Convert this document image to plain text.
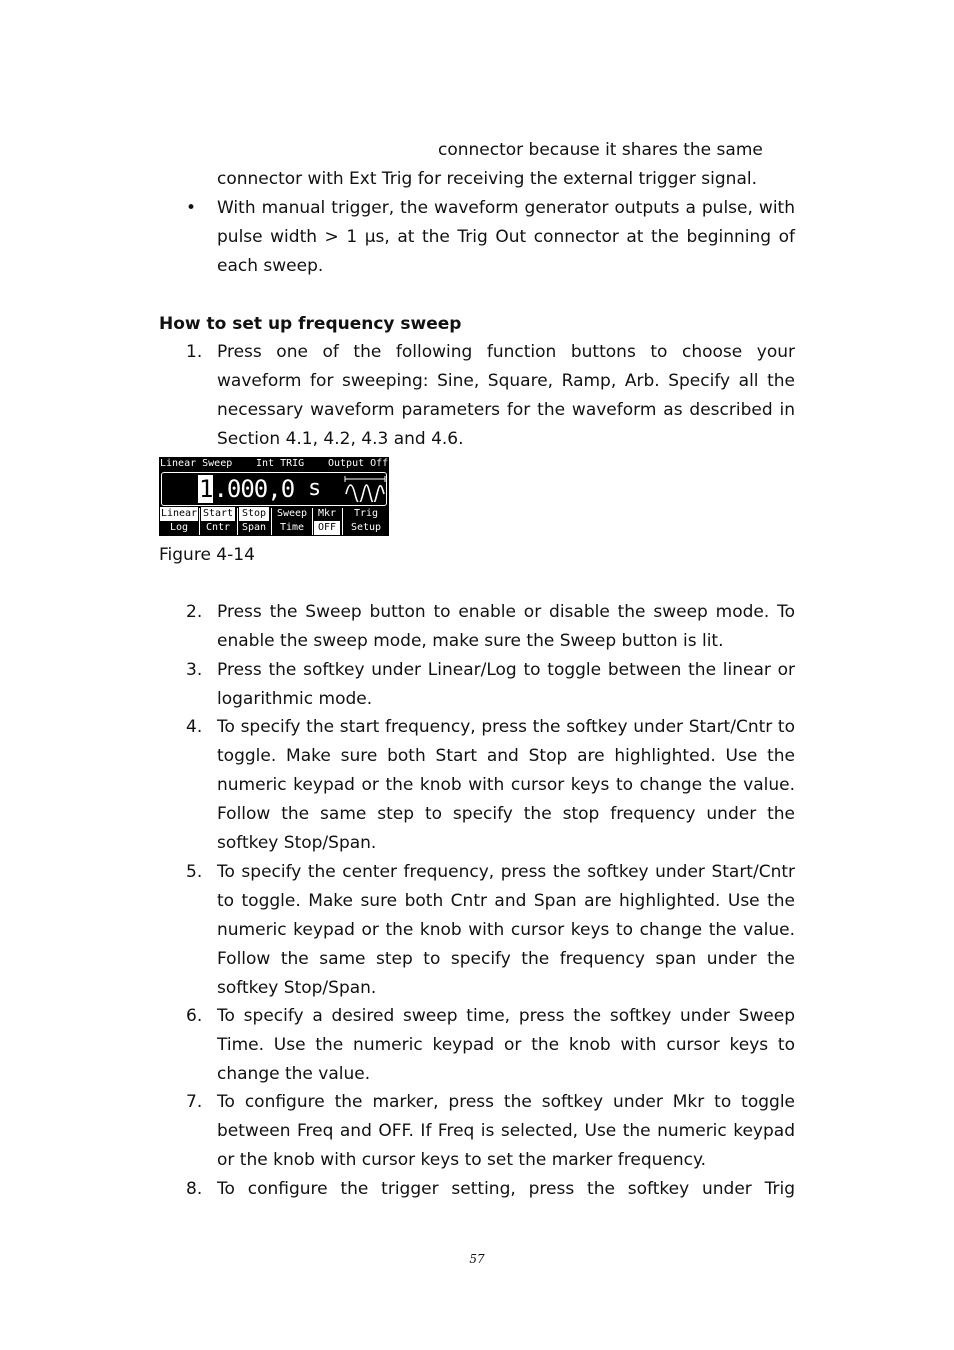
connector because it shares the same
connector with Ext Trig for receiving the external trigger signal.
• With manual trigger, the waveform generator outputs a pulse, with pulse width > 1 μs, at the Trig Out connector at the beginning of each sweep.
How to set up frequency sweep
1. Press one of the following function buttons to choose your waveform for sweeping: Sine, Square, Ramp, Arb. Specify all the necessary waveform parameters for the waveform as described in Section 4.1, 4.2, 4.3 and 4.6.
Linear Sweep Int TRIG Output Off
1.000,0 s
Linear
Log
Start
Cntr
Stop
Span
Sweep
Time
Mkr
OFF
Trig
Setup
Figure 4-14
2. Press the Sweep button to enable or disable the sweep mode. To enable the sweep mode, make sure the Sweep button is lit.
3. Press the softkey under Linear/Log to toggle between the linear or logarithmic mode.
4. To specify the start frequency, press the softkey under Start/Cntr to toggle. Make sure both Start and Stop are highlighted. Use the numeric keypad or the knob with cursor keys to change the value. Follow the same step to specify the stop frequency under the softkey Stop/Span.
5. To specify the center frequency, press the softkey under Start/Cntr to toggle. Make sure both Cntr and Span are highlighted. Use the numeric keypad or the knob with cursor keys to change the value. Follow the same step to specify the frequency span under the softkey Stop/Span.
6. To specify a desired sweep time, press the softkey under Sweep Time. Use the numeric keypad or the knob with cursor keys to change the value.
7. To configure the marker, press the softkey under Mkr to toggle between Freq and OFF. If Freq is selected, Use the numeric keypad or the knob with cursor keys to set the marker frequency.
8. To configure the trigger setting, press the softkey under Trig
57
